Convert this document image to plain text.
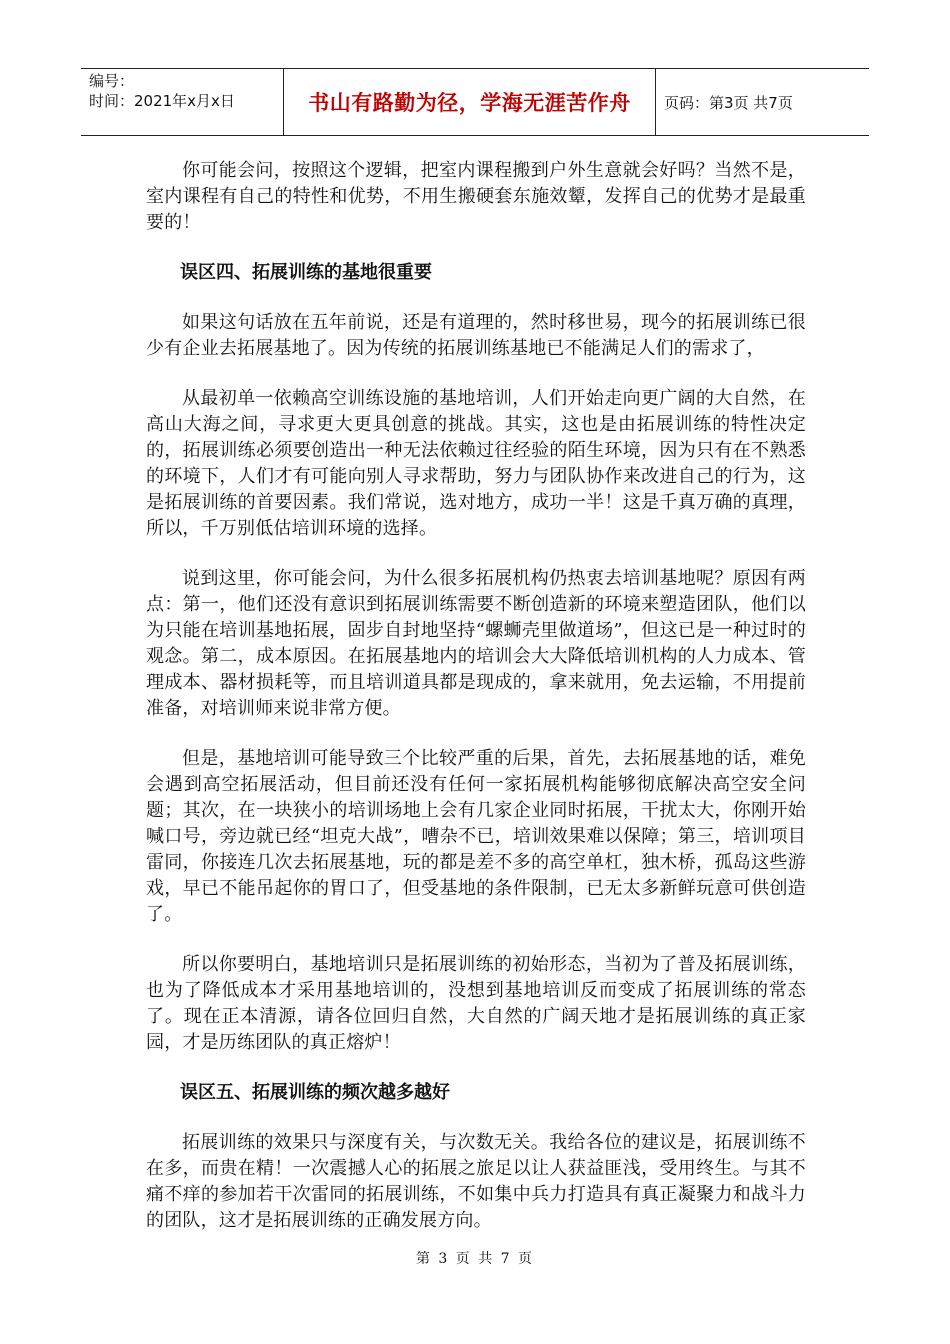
编号：
时间：2021年x月x日	书山有路勤为径，学海无涯苦作舟	页码：第3页 共7页

你可能会问，按照这个逻辑，把室内课程搬到户外生意就会好吗？当然不是，室内课程有自己的特性和优势，不用生搬硬套东施效颦，发挥自己的优势才是最重要的！

误区四、拓展训练的基地很重要

如果这句话放在五年前说，还是有道理的，然时移世易，现今的拓展训练已很少有企业去拓展基地了。因为传统的拓展训练基地已不能满足人们的需求了，

从最初单一依赖高空训练设施的基地培训，人们开始走向更广阔的大自然，在高山大海之间，寻求更大更具创意的挑战。其实，这也是由拓展训练的特性决定的，拓展训练必须要创造出一种无法依赖过往经验的陌生环境，因为只有在不熟悉的环境下，人们才有可能向别人寻求帮助，努力与团队协作来改进自己的行为，这是拓展训练的首要因素。我们常说，选对地方，成功一半！这是千真万确的真理，所以，千万别低估培训环境的选择。

说到这里，你可能会问，为什么很多拓展机构仍热衷去培训基地呢？原因有两点：第一，他们还没有意识到拓展训练需要不断创造新的环境来塑造团队，他们以为只能在培训基地拓展，固步自封地坚持“螺蛳壳里做道场”，但这已是一种过时的观念。第二，成本原因。在拓展基地内的培训会大大降低培训机构的人力成本、管理成本、器材损耗等，而且培训道具都是现成的，拿来就用，免去运输，不用提前准备，对培训师来说非常方便。

但是，基地培训可能导致三个比较严重的后果，首先，去拓展基地的话，难免会遇到高空拓展活动，但目前还没有任何一家拓展机构能够彻底解决高空安全问题；其次，在一块狭小的培训场地上会有几家企业同时拓展，干扰太大，你刚开始喊口号，旁边就已经“坦克大战”，嘈杂不已，培训效果难以保障；第三，培训项目雷同，你接连几次去拓展基地，玩的都是差不多的高空单杠，独木桥，孤岛这些游戏，早已不能吊起你的胃口了，但受基地的条件限制，已无太多新鲜玩意可供创造了。

所以你要明白，基地培训只是拓展训练的初始形态，当初为了普及拓展训练，也为了降低成本才采用基地培训的，没想到基地培训反而变成了拓展训练的常态了。现在正本清源，请各位回归自然，大自然的广阔天地才是拓展训练的真正家 园，才是历练团队的真正熔炉！

误区五、拓展训练的频次越多越好

拓展训练的效果只与深度有关，与次数无关。我给各位的建议是，拓展训练不在多，而贵在精！一次震撼人心的拓展之旅足以让人获益匪浅，受用终生。与其不痛不痒的参加若干次雷同的拓展训练，不如集中兵力打造具有真正凝聚力和战斗力的团队，这才是拓展训练的正确发展方向。

第 3 页 共 7 页
